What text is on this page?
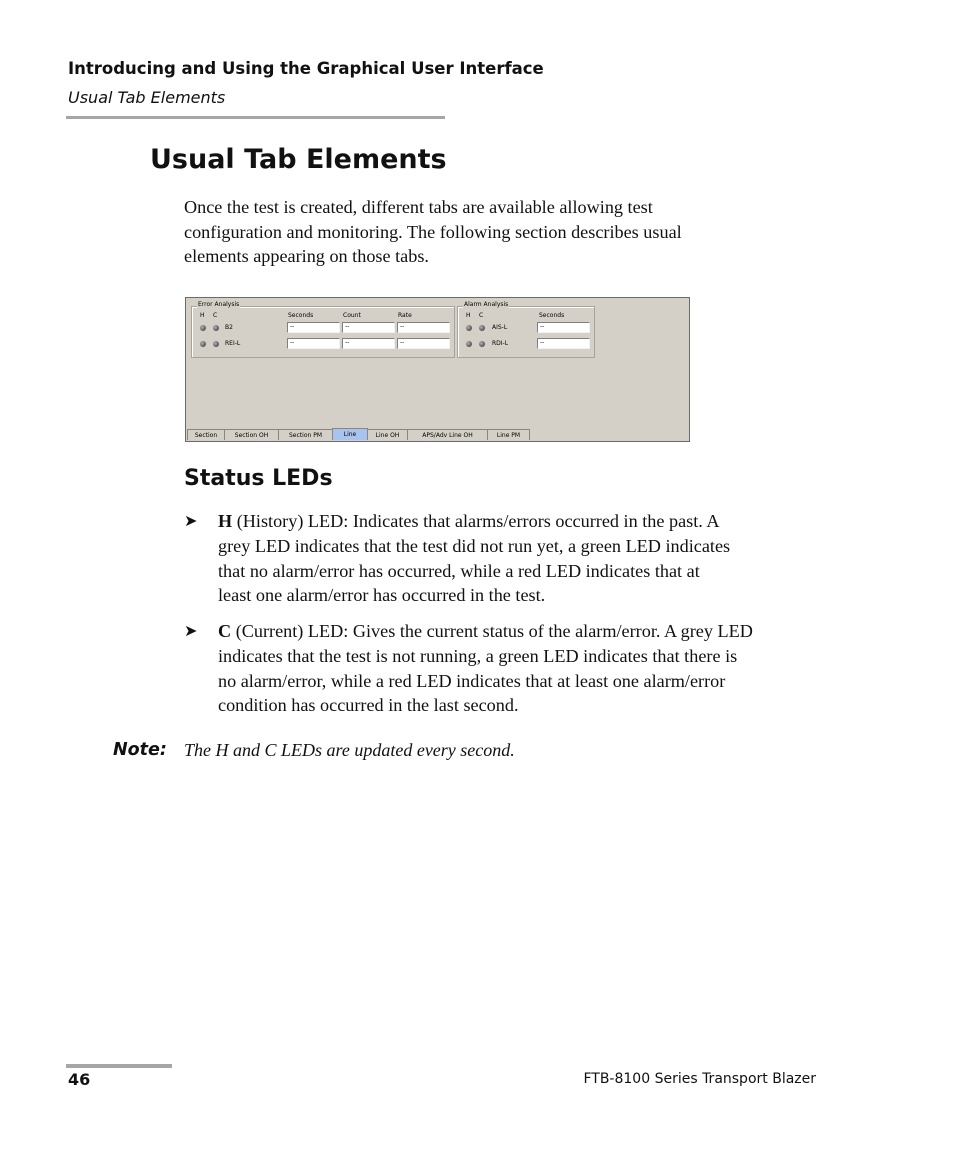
Introducing and Using the Graphical User Interface
Usual Tab Elements
Usual Tab Elements

Once the test is created, different tabs are available allowing test

configuration and monitoring. The following section describes usual

elements appearing on those tabs.

Error Analysis
H C	Seconds	Count	Rate
B2	--	--	--
REI-L	--	--	--
Alarm Analysis
H C	Seconds
AIS-L	--
RDI-L	--
Section	Section OH	Section PM	Line	Line OH	APS/Adv Line OH	Line PM
Status LEDs
➤ H (History) LED: Indicates that alarms/errors occurred in the past. A
grey LED indicates that the test did not run yet, a green LED indicates
that no alarm/error has occurred, while a red LED indicates that at
least one alarm/error has occurred in the test.
➤ C (Current) LED: Gives the current status of the alarm/error. A grey LED
indicates that the test is not running, a green LED indicates that there is
no alarm/error, while a red LED indicates that at least one alarm/error
condition has occurred in the last second.
Note: The H and C LEDs are updated every second.
46	FTB-8100 Series Transport Blazer
